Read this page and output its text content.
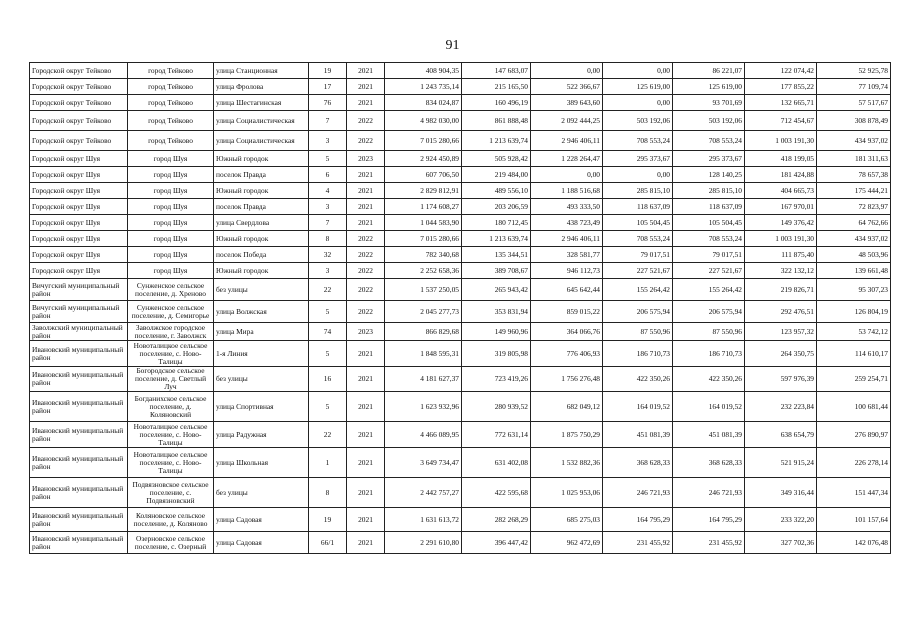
91
Городской округ Тейково	город Тейково	улица Станционная	19	2021	408 904,35	147 683,07	0,00	0,00	86 221,07	122 074,42	52 925,78
Городской округ Тейково	город Тейково	улица Фролова	17	2021	1 243 735,14	215 165,50	522 366,67	125 619,00	125 619,00	177 855,22	77 109,74
Городской округ Тейково	город Тейково	улица Шестагинская	76	2021	834 024,87	160 496,19	389 643,60	0,00	93 701,69	132 665,71	57 517,67
Городской округ Тейково	город Тейково	улица Социалистическая	7	2022	4 982 030,00	861 888,48	2 092 444,25	503 192,06	503 192,06	712 454,67	308 878,49
Городской округ Тейково	город Тейково	улица Социалистическая	3	2022	7 015 280,66	1 213 639,74	2 946 406,11	708 553,24	708 553,24	1 003 191,30	434 937,02
Городской округ Шуя	город Шуя	Южный городок	5	2023	2 924 450,89	505 928,42	1 228 264,47	295 373,67	295 373,67	418 199,05	181 311,63
Городской округ Шуя	город Шуя	поселок Правда	6	2021	607 706,50	219 484,00	0,00	0,00	128 140,25	181 424,88	78 657,38
Городской округ Шуя	город Шуя	Южный городок	4	2021	2 829 812,91	489 556,10	1 188 516,68	285 815,10	285 815,10	404 665,73	175 444,21
Городской округ Шуя	город Шуя	поселок Правда	3	2021	1 174 608,27	203 206,59	493 333,50	118 637,09	118 637,09	167 970,01	72 823,97
Городской округ Шуя	город Шуя	улица Свердлова	7	2021	1 044 583,90	180 712,45	438 723,49	105 504,45	105 504,45	149 376,42	64 762,66
Городской округ Шуя	город Шуя	Южный городок	8	2022	7 015 280,66	1 213 639,74	2 946 406,11	708 553,24	708 553,24	1 003 191,30	434 937,02
Городской округ Шуя	город Шуя	поселок Победа	32	2022	782 340,68	135 344,51	328 581,77	79 017,51	79 017,51	111 875,40	48 503,96
Городской округ Шуя	город Шуя	Южный городок	3	2022	2 252 658,36	389 708,67	946 112,73	227 521,67	227 521,67	322 132,12	139 661,48
Вичугский муниципальный район	Сунженское сельское поселение, д. Хреново	без улицы	22	2022	1 537 250,05	265 943,42	645 642,44	155 264,42	155 264,42	219 826,71	95 307,23
Вичугский муниципальный район	Сунженское сельское поселение, д. Семигорье	улица Волжская	5	2022	2 045 277,73	353 831,94	859 015,22	206 575,94	206 575,94	292 476,51	126 804,19
Заволжский муниципальный район	Заволжское городское поселение, г. Заволжск	улица Мира	74	2023	866 829,68	149 960,96	364 066,76	87 550,96	87 550,96	123 957,32	53 742,12
Ивановский муниципальный район	Новоталицкое сельское поселение, с. Ново-Талицы	1-я Линия	5	2021	1 848 595,31	319 805,98	776 406,93	186 710,73	186 710,73	264 350,75	114 610,17
Ивановский муниципальный район	Богородское сельское поселение, д. Светлый Луч	без улицы	16	2021	4 181 627,37	723 419,26	1 756 276,48	422 350,26	422 350,26	597 976,39	259 254,71
Ивановский муниципальный район	Богданихское сельское поселение, д. Коляновский	улица Спортивная	5	2021	1 623 932,96	280 939,52	682 049,12	164 019,52	164 019,52	232 223,84	100 681,44
Ивановский муниципальный район	Новоталицкое сельское поселение, с. Ново-Талицы	улица Радужная	22	2021	4 466 089,95	772 631,14	1 875 750,29	451 081,39	451 081,39	638 654,79	276 890,97
Ивановский муниципальный район	Новоталицкое сельское поселение, с. Ново-Талицы	улица Школьная	1	2021	3 649 734,47	631 402,08	1 532 882,36	368 628,33	368 628,33	521 915,24	226 278,14
Ивановский муниципальный район	Подвязновское сельское поселение, с. Подвязновский	без улицы	8	2021	2 442 757,27	422 595,68	1 025 953,06	246 721,93	246 721,93	349 316,44	151 447,34
Ивановский муниципальный район	Коляновское сельское поселение, д. Коляново	улица Садовая	19	2021	1 631 613,72	282 268,29	685 275,03	164 795,29	164 795,29	233 322,20	101 157,64
Ивановский муниципальный район	Озерновское сельское поселение, с. Озерный	улица Садовая	66/1	2021	2 291 610,80	396 447,42	962 472,69	231 455,92	231 455,92	327 702,36	142 076,48
